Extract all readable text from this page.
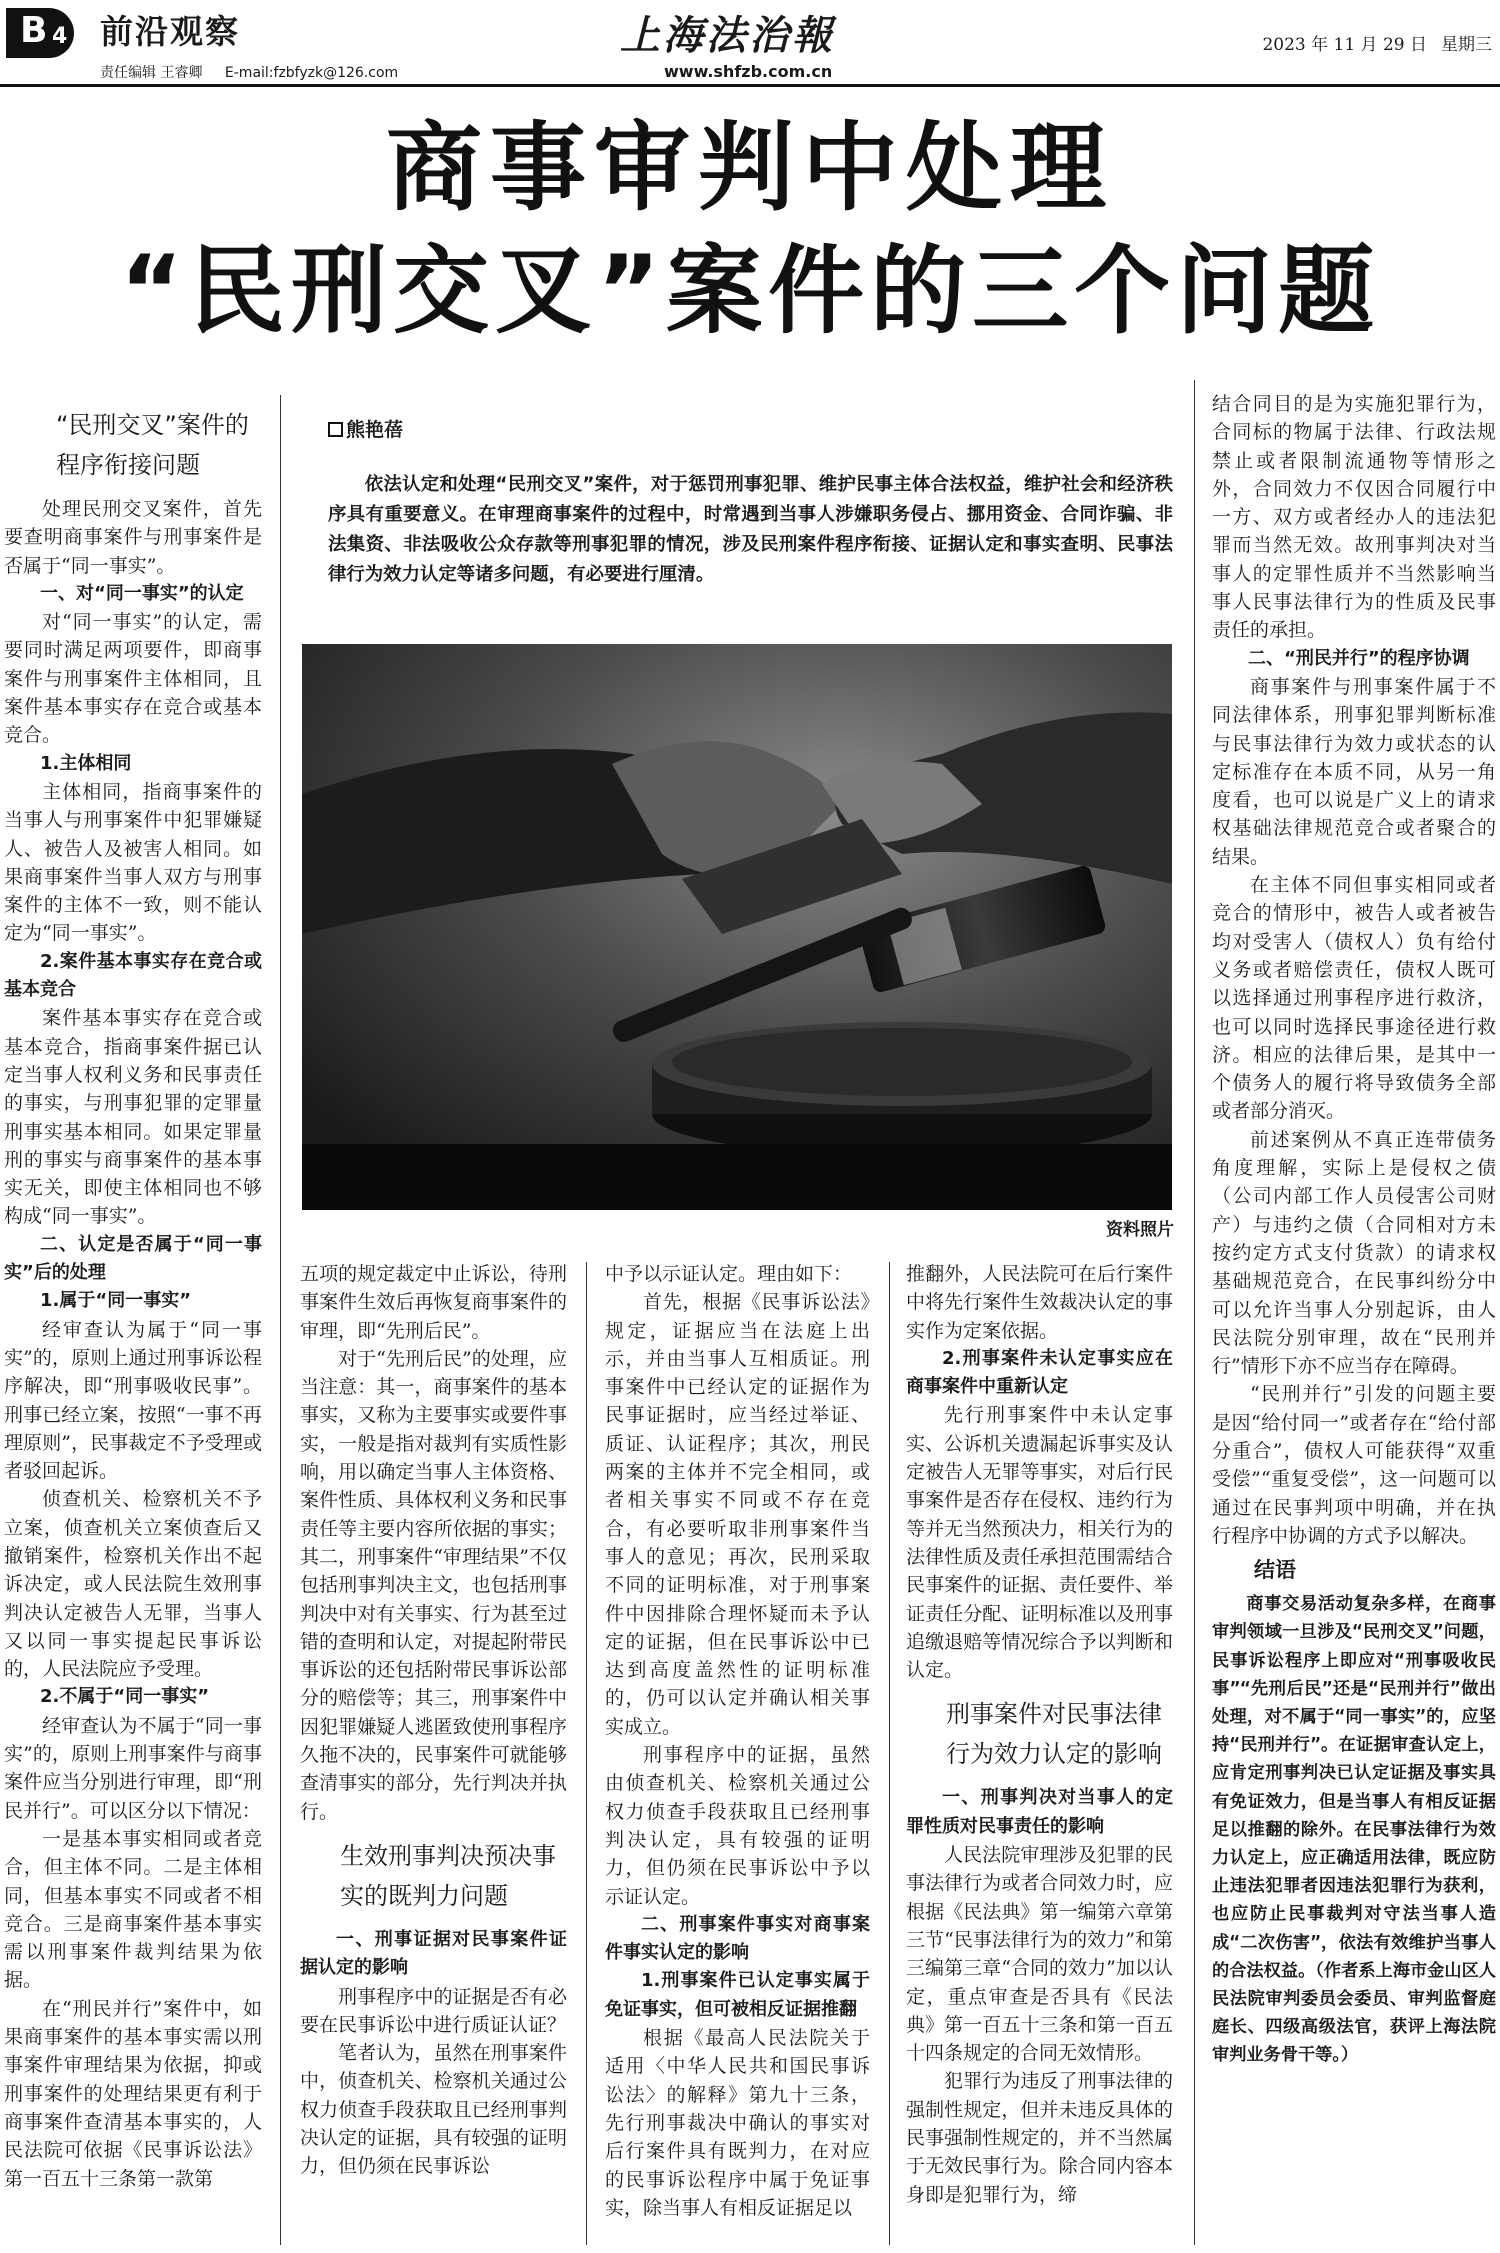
B 4 前沿观察
责任编辑 王睿卿 E-mail:fzbfyzk@126.com
上海法治報
www.shfzb.com.cn
2023 年 11 月 29 日 星期三
商事审判中处理
“民刑交叉”案件的三个问题
“民刑交叉”案件的程序衔接问题

处理民刑交叉案件，首先要查明商事案件与刑事案件是否属于“同一事实”。

一、对“同一事实”的认定

对“同一事实”的认定，需要同时满足两项要件，即商事案件与刑事案件主体相同，且案件基本事实存在竞合或基本竞合。

1.主体相同

主体相同，指商事案件的当事人与刑事案件中犯罪嫌疑人、被告人及被害人相同。如果商事案件当事人双方与刑事案件的主体不一致，则不能认定为“同一事实”。

2.案件基本事实存在竞合或基本竞合

案件基本事实存在竞合或基本竞合，指商事案件据已认定当事人权利义务和民事责任的事实，与刑事犯罪的定罪量刑事实基本相同。如果定罪量刑的事实与商事案件的基本事实无关，即使主体相同也不够构成“同一事实”。

二、认定是否属于“同一事实”后的处理

1.属于“同一事实”

经审查认为属于“同一事实”的，原则上通过刑事诉讼程序解决，即“刑事吸收民事”。刑事已经立案，按照“一事不再理原则”，民事裁定不予受理或者驳回起诉。

侦查机关、检察机关不予立案，侦查机关立案侦查后又撤销案件，检察机关作出不起诉决定，或人民法院生效刑事判决认定被告人无罪，当事人又以同一事实提起民事诉讼的，人民法院应予受理。

2.不属于“同一事实”

经审查认为不属于“同一事实”的，原则上刑事案件与商事案件应当分别进行审理，即“刑民并行”。可以区分以下情况：

一是基本事实相同或者竞合，但主体不同。二是主体相同，但基本事实不同或者不相竞合。三是商事案件基本事实需以刑事案件裁判结果为依据。

在“刑民并行”案件中，如果商事案件的基本事实需以刑事案件审理结果为依据，抑或刑事案件的处理结果更有利于商事案件查清基本事实的，人民法院可依据《民事诉讼法》第一百五十三条第一款第

熊艳蓓
依法认定和处理“民刑交叉”案件，对于惩罚刑事犯罪、维护民事主体合法权益，维护社会和经济秩序具有重要意义。在审理商事案件的过程中，时常遇到当事人涉嫌职务侵占、挪用资金、合同诈骗、非法集资、非法吸收公众存款等刑事犯罪的情况，涉及民刑案件程序衔接、证据认定和事实查明、民事法律行为效力认定等诸多问题，有必要进行厘清。
资料照片

五项的规定裁定中止诉讼，待刑事案件生效后再恢复商事案件的审理，即“先刑后民”。

对于“先刑后民”的处理，应当注意：其一，商事案件的基本事实，又称为主要事实或要件事实，一般是指对裁判有实质性影响，用以确定当事人主体资格、案件性质、具体权利义务和民事责任等主要内容所依据的事实；其二，刑事案件“审理结果”不仅包括刑事判决主文，也包括刑事判决中对有关事实、行为甚至过错的查明和认定，对提起附带民事诉讼的还包括附带民事诉讼部分的赔偿等；其三，刑事案件中因犯罪嫌疑人逃匿致使刑事程序久拖不决的，民事案件可就能够查清事实的部分，先行判决并执行。

生效刑事判决预决事实的既判力问题

一、刑事证据对民事案件证据认定的影响

刑事程序中的证据是否有必要在民事诉讼中进行质证认证？

笔者认为，虽然在刑事案件中，侦查机关、检察机关通过公权力侦查手段获取且已经刑事判决认定的证据，具有较强的证明力，但仍须在民事诉讼

中予以示证认定。理由如下：

首先，根据《民事诉讼法》规定，证据应当在法庭上出示，并由当事人互相质证。刑事案件中已经认定的证据作为民事证据时，应当经过举证、质证、认证程序；其次，刑民两案的主体并不完全相同，或者相关事实不同或不存在竞合，有必要听取非刑事案件当事人的意见；再次，民刑采取不同的证明标准，对于刑事案件中因排除合理怀疑而未予认定的证据，但在民事诉讼中已达到高度盖然性的证明标准的，仍可以认定并确认相关事实成立。

刑事程序中的证据，虽然由侦查机关、检察机关通过公权力侦查手段获取且已经刑事判决认定，具有较强的证明力，但仍须在民事诉讼中予以示证认定。

二、刑事案件事实对商事案件事实认定的影响

1.刑事案件已认定事实属于免证事实，但可被相反证据推翻

根据《最高人民法院关于适用〈中华人民共和国民事诉讼法〉的解释》第九十三条，先行刑事裁决中确认的事实对后行案件具有既判力，在对应的民事诉讼程序中属于免证事实，除当事人有相反证据足以

推翻外，人民法院可在后行案件中将先行案件生效裁决认定的事实作为定案依据。

2.刑事案件未认定事实应在商事案件中重新认定

先行刑事案件中未认定事实、公诉机关遗漏起诉事实及认定被告人无罪等事实，对后行民事案件是否存在侵权、违约行为等并无当然预决力，相关行为的法律性质及责任承担范围需结合民事案件的证据、责任要件、举证责任分配、证明标准以及刑事追缴退赔等情况综合予以判断和认定。

刑事案件对民事法律行为效力认定的影响

一、刑事判决对当事人的定罪性质对民事责任的影响

人民法院审理涉及犯罪的民事法律行为或者合同效力时，应根据《民法典》第一编第六章第三节“民事法律行为的效力”和第三编第三章“合同的效力”加以认定，重点审查是否具有《民法典》第一百五十三条和第一百五十四条规定的合同无效情形。

犯罪行为违反了刑事法律的强制性规定，但并未违反具体的民事强制性规定的，并不当然属于无效民事行为。除合同内容本身即是犯罪行为，缔

结合同目的是为实施犯罪行为，合同标的物属于法律、行政法规禁止或者限制流通物等情形之外，合同效力不仅因合同履行中一方、双方或者经办人的违法犯罪而当然无效。故刑事判决对当事人的定罪性质并不当然影响当事人民事法律行为的性质及民事责任的承担。

二、“刑民并行”的程序协调

商事案件与刑事案件属于不同法律体系，刑事犯罪判断标准与民事法律行为效力或状态的认定标准存在本质不同，从另一角度看，也可以说是广义上的请求权基础法律规范竞合或者聚合的结果。

在主体不同但事实相同或者竞合的情形中，被告人或者被告均对受害人（债权人）负有给付义务或者赔偿责任，债权人既可以选择通过刑事程序进行救济，也可以同时选择民事途径进行救济。相应的法律后果，是其中一个债务人的履行将导致债务全部或者部分消灭。

前述案例从不真正连带债务角度理解，实际上是侵权之债（公司内部工作人员侵害公司财产）与违约之债（合同相对方未按约定方式支付货款）的请求权基础规范竞合，在民事纠纷分中可以允许当事人分别起诉，由人民法院分别审理，故在“民刑并行”情形下亦不应当存在障碍。

“民刑并行”引发的问题主要是因“给付同一”或者存在“给付部分重合”，债权人可能获得“双重受偿”“重复受偿”，这一问题可以通过在民事判项中明确，并在执行程序中协调的方式予以解决。

结语

商事交易活动复杂多样，在商事审判领域一旦涉及“民刑交叉”问题，民事诉讼程序上即应对“刑事吸收民事”“先刑后民”还是“民刑并行”做出处理，对不属于“同一事实”的，应坚持“民刑并行”。在证据审查认定上，应肯定刑事判决已认定证据及事实具有免证效力，但是当事人有相反证据足以推翻的除外。在民事法律行为效力认定上，应正确适用法律，既应防止违法犯罪者因违法犯罪行为获利，也应防止民事裁判对守法当事人造成“二次伤害”，依法有效维护当事人的合法权益。（作者系上海市金山区人民法院审判委员会委员、审判监督庭庭长、四级高级法官，获评上海法院审判业务骨干等。）
